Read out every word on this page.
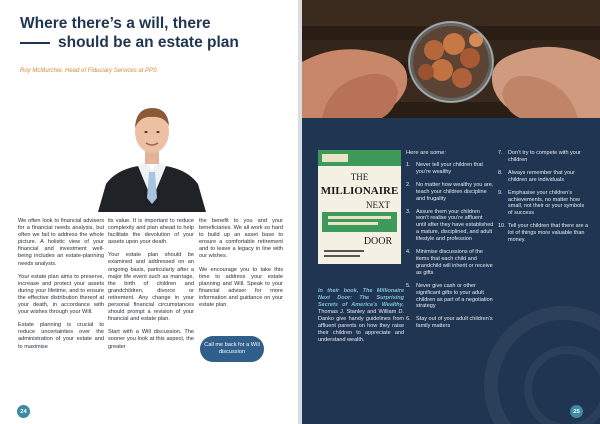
Where there’s a will, there
should be an estate plan
Roy McMurchie, Head of Fiduciary Services at PPS

We often look to financial advisers for a financial needs analysis, but often we fail to address the whole picture. A holistic view of your financial and investment well-being includes an estate-planning needs analysis.

Your estate plan aims to preserve, increase and protect your assets during your lifetime, and to ensure the effective distribution thereof at your death, in accordance with your wishes through your Will.

Estate planning is crucial to reduce uncertainties over the administration of your estate and to maximise

its value. It is important to reduce complexity and plan ahead to help facilitate the devolution of your assets upon your death.

Your estate plan should be examined and addressed on an ongoing basis, particularly after a major life event such as marriage, the birth of children and grandchildren, divorce or retirement. Any change in your personal financial circumstances should prompt a revision of your financial and estate plan.

Start with a Will discussion. The sooner you look at this aspect, the greater

the benefit to you and your beneficiaries. We all work so hard to build up an asset base to ensure a comfortable retirement and to leave a legacy in line with our wishes.

We encourage you to take this time to address your estate planning and Will. Speak to your financial adviser for more information and guidance on your estate plan.

Call me back for a Will discussion
24
THE
MILLIONAIRE
NEXT
DOOR
In their book, The Millionaire Next Door: The Surprising Secrets of America’s Wealthy, Thomas J. Stanley and William D. Danko give handy guidelines from affluent parents on how they raise their children to appreciate and understand wealth.
Here are some:
1. Never tell your children that you’re wealthy
2. No matter how wealthy you are, teach your children discipline and frugality
3. Assure them your children won’t realise you’re affluent until after they have established a mature, disciplined, and adult lifestyle and profession
4. Minimise discussions of the items that each child and grandchild will inherit or receive as gifts
5. Never give cash or other significant gifts to your adult children as part of a negotiation strategy
6. Stay out of your adult children’s family matters
7. Don’t try to compete with your children
8. Always remember that your children are individuals
9. Emphasise your children’s achievements, no matter how small, not their or your symbols of success
10. Tell your children that there are a lot of things more valuable than money.
25
